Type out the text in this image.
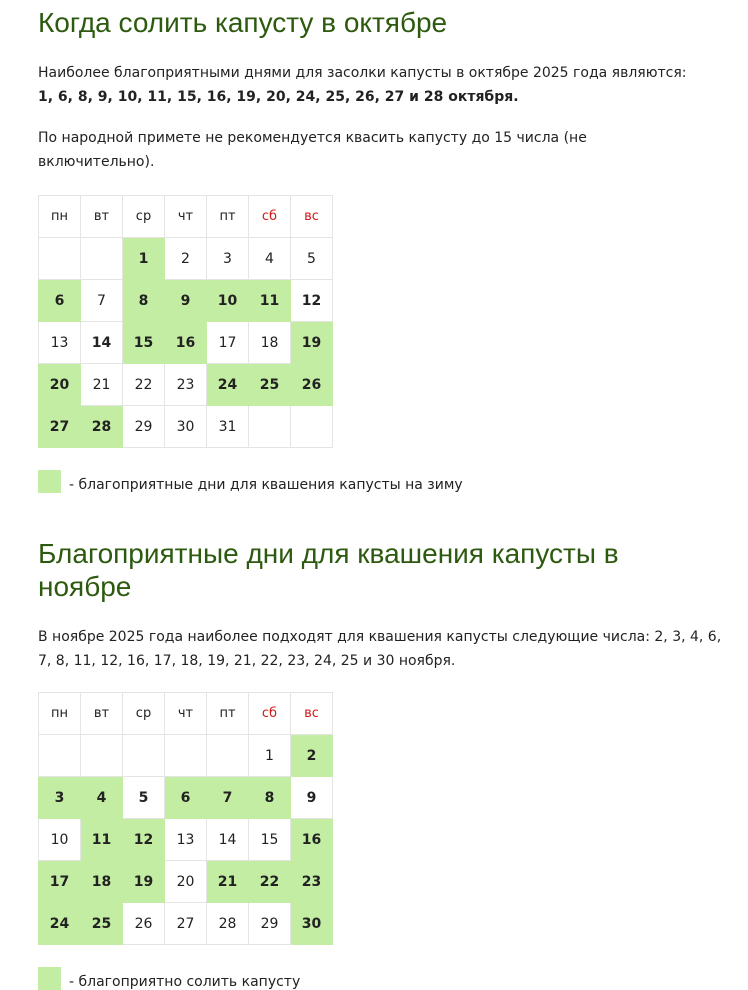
Когда солить капусту в октябре

Наиболее благоприятными днями для засолки капусты в октябре 2025 года являются:
1, 6, 8, 9, 10, 11, 15, 16, 19, 20, 24, 25, 26, 27 и 28 октября.

По народной примете не рекомендуется квасить капусту до 15 числа (не включительно).

пн	вт	ср	чт	пт	сб	вс
		1	2	3	4	5
6	7	8	9	10	11	12
13	14	15	16	17	18	19
20	21	22	23	24	25	26
27	28	29	30	31		
- благоприятные дни для квашения капусты на зиму
Благоприятные дни для квашения капусты в ноябре

В ноябре 2025 года наиболее подходят для квашения капусты следующие числа: 2, 3, 4, 6, 7, 8, 11, 12, 16, 17, 18, 19, 21, 22, 23, 24, 25 и 30 ноября.

пн	вт	ср	чт	пт	сб	вс
					1	2
3	4	5	6	7	8	9
10	11	12	13	14	15	16
17	18	19	20	21	22	23
24	25	26	27	28	29	30
- благоприятно солить капусту
